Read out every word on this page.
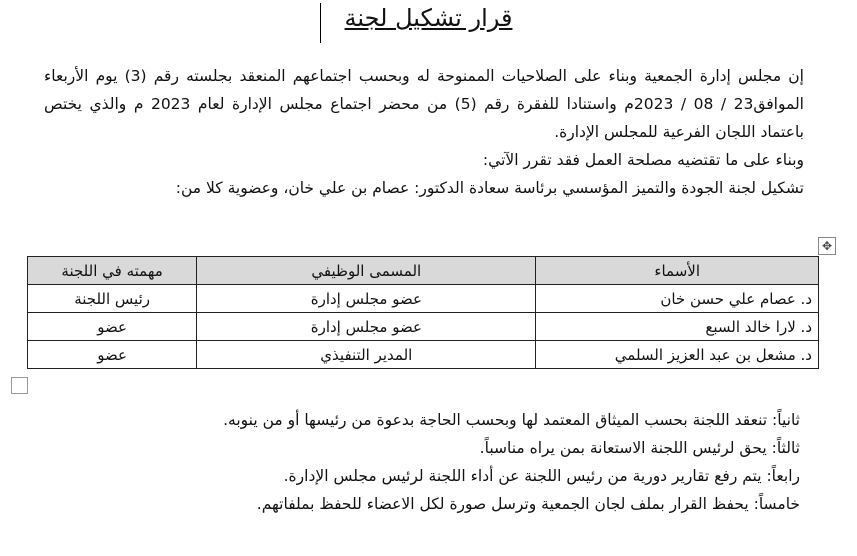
قرار تشكيل لجنة

إن مجلس إدارة الجمعية وبناء على الصلاحيات الممنوحة له وبحسب اجتماعهم المنعقد بجلسته رقم (3) يوم الأربعاء الموافق23 / 08 / 2023م واستنادا للفقرة رقم (5) من محضر اجتماع مجلس الإدارة لعام 2023 م والذي يختص باعتماد اللجان الفرعية للمجلس الإدارة.

وبناء على ما تقتضيه مصلحة العمل فقد تقرر الآتي:

تشكيل لجنة الجودة والتميز المؤسسي برئاسة سعادة الدكتور: عصام بن علي خان، وعضوية كلا من:

✥
الأسماء	المسمى الوظيفي	مهمته في اللجنة
د. عصام علي حسن خان	عضو مجلس إدارة	رئيس اللجنة
د. لارا خالد السبع	عضو مجلس إدارة	عضو
د. مشعل بن عبد العزيز السلمي	المدير التنفيذي	عضو

ثانياً: تنعقد اللجنة بحسب الميثاق المعتمد لها وبحسب الحاجة بدعوة من رئيسها أو من ينوبه.

ثالثاً: يحق لرئيس اللجنة الاستعانة بمن يراه مناسباً.

رابعاً: يتم رفع تقارير دورية من رئيس اللجنة عن أداء اللجنة لرئيس مجلس الإدارة.

خامساً: يحفظ القرار بملف لجان الجمعية وترسل صورة لكل الاعضاء للحفظ بملفاتهم.
